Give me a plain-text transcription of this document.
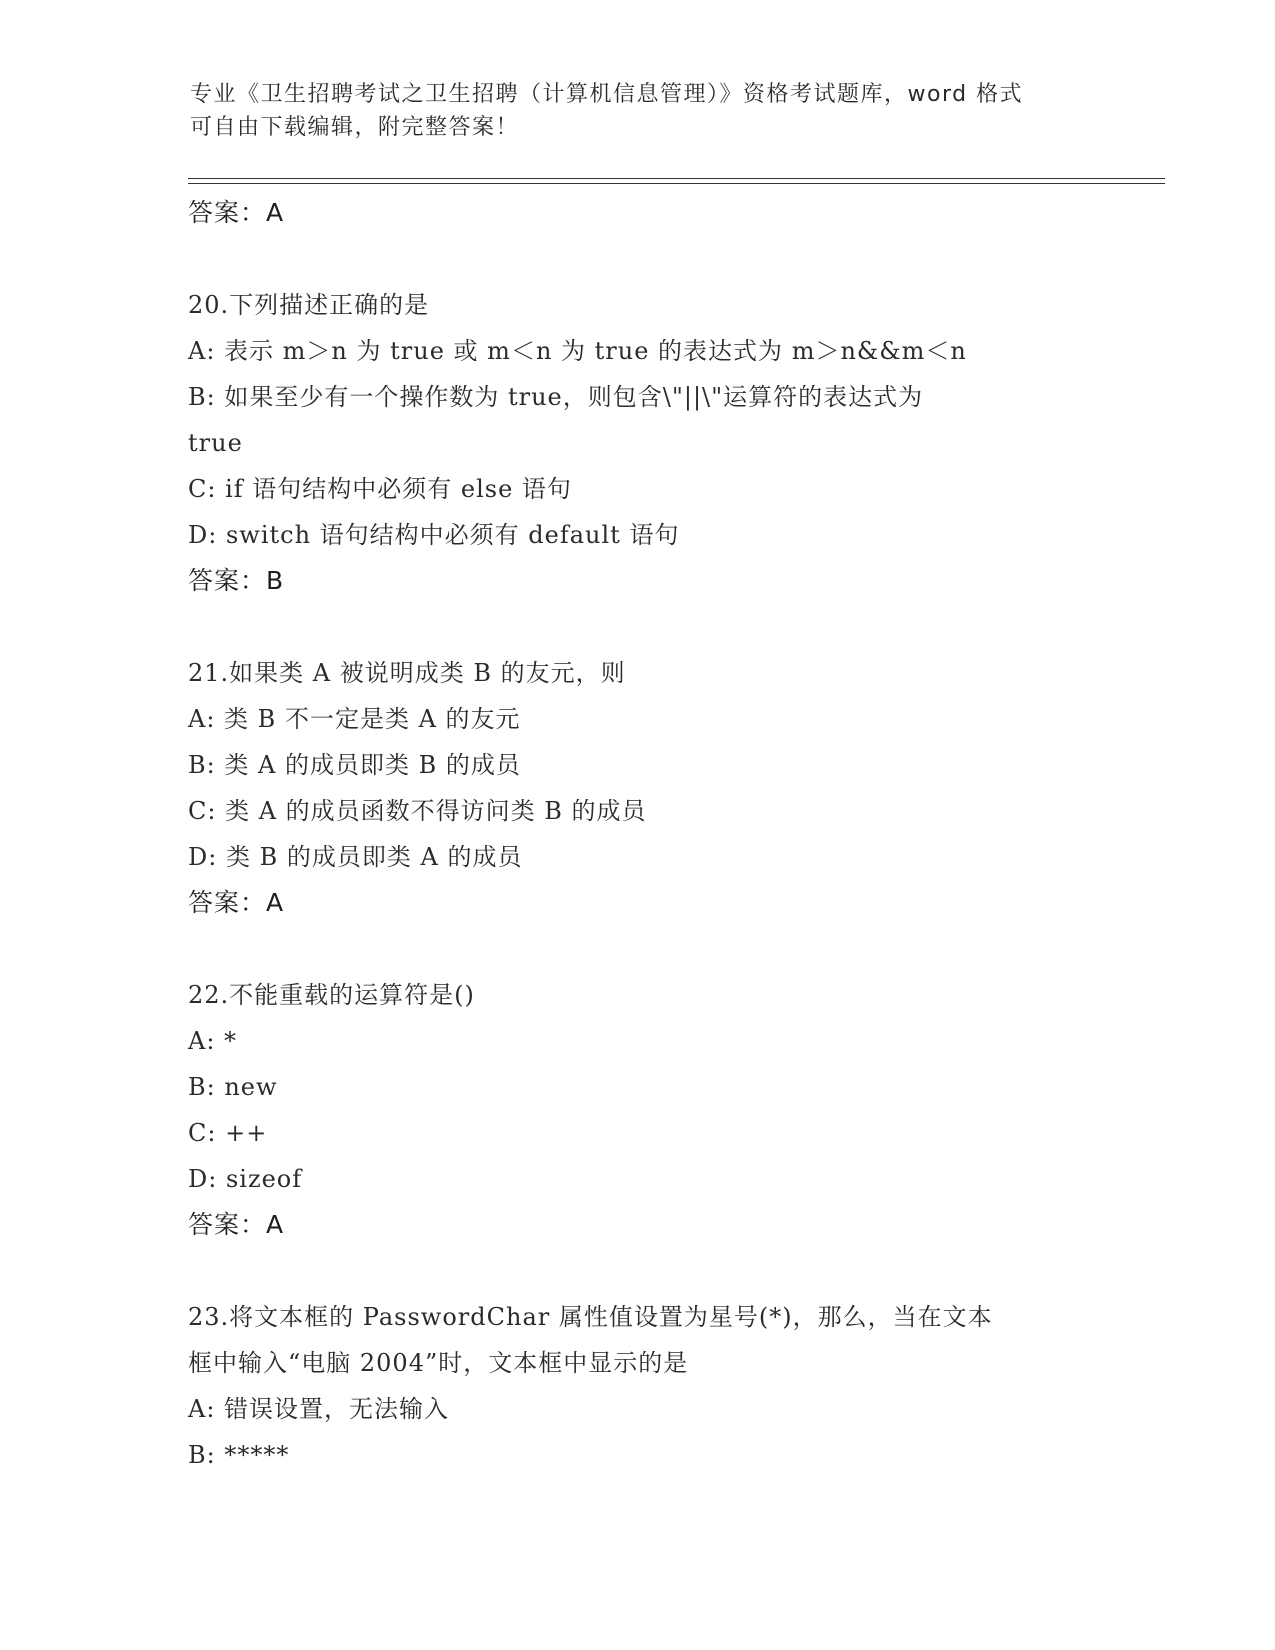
专业《卫生招聘考试之卫生招聘（计算机信息管理）》资格考试题库，word 格式
可自由下载编辑，附完整答案！
答案：A
20.下列描述正确的是
A: 表示 m＞n 为 true 或 m＜n 为 true 的表达式为 m＞n&&m＜n
B: 如果至少有一个操作数为 true，则包含\"||\"运算符的表达式为
true
C: if 语句结构中必须有 else 语句
D: switch 语句结构中必须有 default 语句
答案：B
21.如果类 A 被说明成类 B 的友元，则
A: 类 B 不一定是类 A 的友元
B: 类 A 的成员即类 B 的成员
C: 类 A 的成员函数不得访问类 B 的成员
D: 类 B 的成员即类 A 的成员
答案：A
22.不能重载的运算符是()
A: *
B: new
C: ++
D: sizeof
答案：A
23.将文本框的 PasswordChar 属性值设置为星号(*)，那么，当在文本
框中输入“电脑 2004”时，文本框中显示的是
A: 错误设置，无法输入
B: *****
